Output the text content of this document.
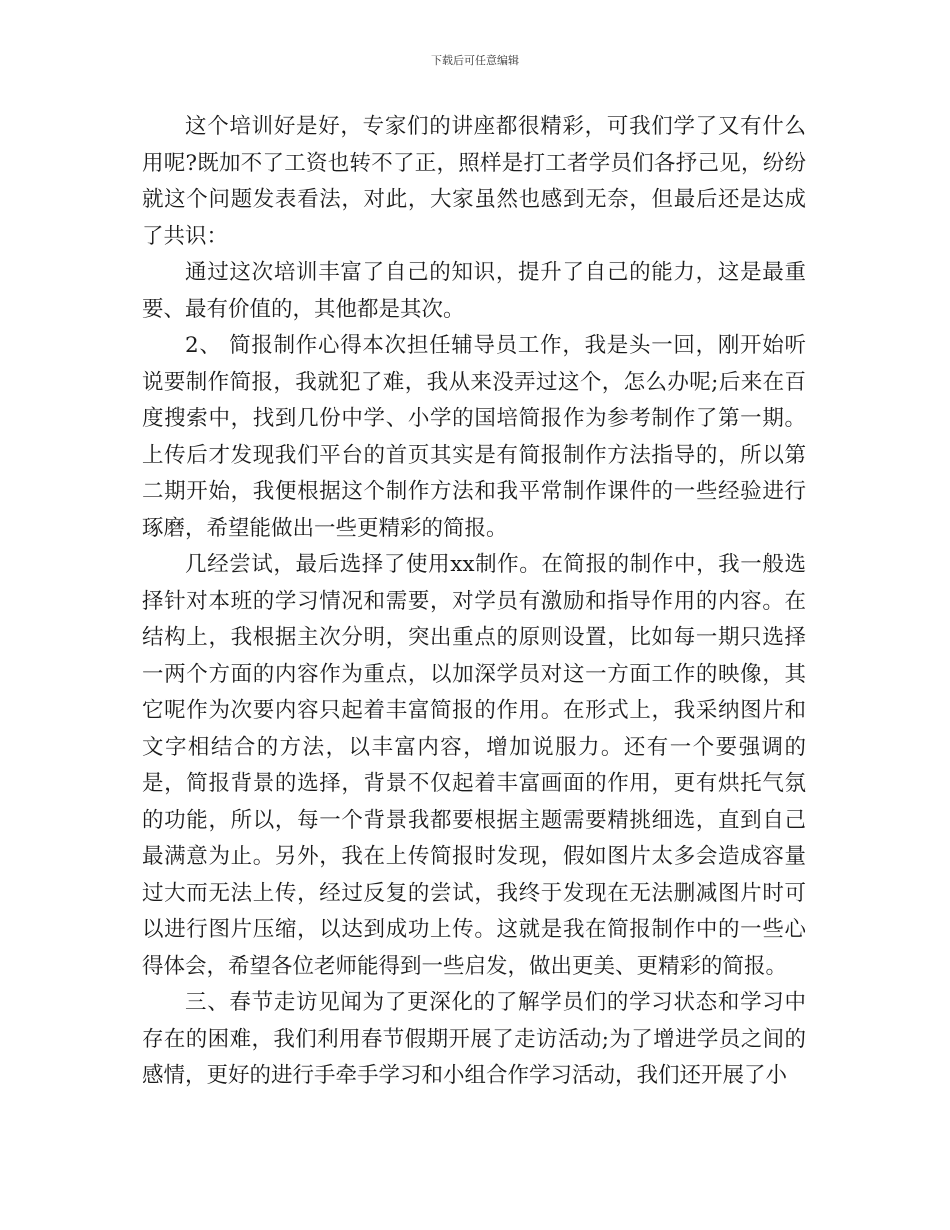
下载后可任意编辑

这个培训好是好，专家们的讲座都很精彩，可我们学了又有什么用呢?既加不了工资也转不了正，照样是打工者学员们各抒己见，纷纷就这个问题发表看法，对此，大家虽然也感到无奈，但最后还是达成了共识：

通过这次培训丰富了自己的知识，提升了自己的能力，这是最重要、最有价值的，其他都是其次。

2、 简报制作心得本次担任辅导员工作，我是头一回，刚开始听说要制作简报，我就犯了难，我从来没弄过这个，怎么办呢;后来在百度搜索中，找到几份中学、小学的国培简报作为参考制作了第一期。上传后才发现我们平台的首页其实是有简报制作方法指导的，所以第二期开始，我便根据这个制作方法和我平常制作课件的一些经验进行琢磨，希望能做出一些更精彩的简报。

几经尝试，最后选择了使用xx制作。在简报的制作中，我一般选择针对本班的学习情况和需要，对学员有激励和指导作用的内容。在结构上，我根据主次分明，突出重点的原则设置，比如每一期只选择一两个方面的内容作为重点，以加深学员对这一方面工作的映像，其它呢作为次要内容只起着丰富简报的作用。在形式上，我采纳图片和文字相结合的方法，以丰富内容，增加说服力。还有一个要强调的是，简报背景的选择，背景不仅起着丰富画面的作用，更有烘托气氛的功能，所以，每一个背景我都要根据主题需要精挑细选，直到自己最满意为止。另外，我在上传简报时发现，假如图片太多会造成容量过大而无法上传，经过反复的尝试，我终于发现在无法删减图片时可以进行图片压缩，以达到成功上传。这就是我在简报制作中的一些心得体会，希望各位老师能得到一些启发，做出更美、更精彩的简报。

三、春节走访见闻为了更深化的了解学员们的学习状态和学习中存在的困难，我们利用春节假期开展了走访活动;为了增进学员之间的感情，更好的进行手牵手学习和小组合作学习活动，我们还开展了小
